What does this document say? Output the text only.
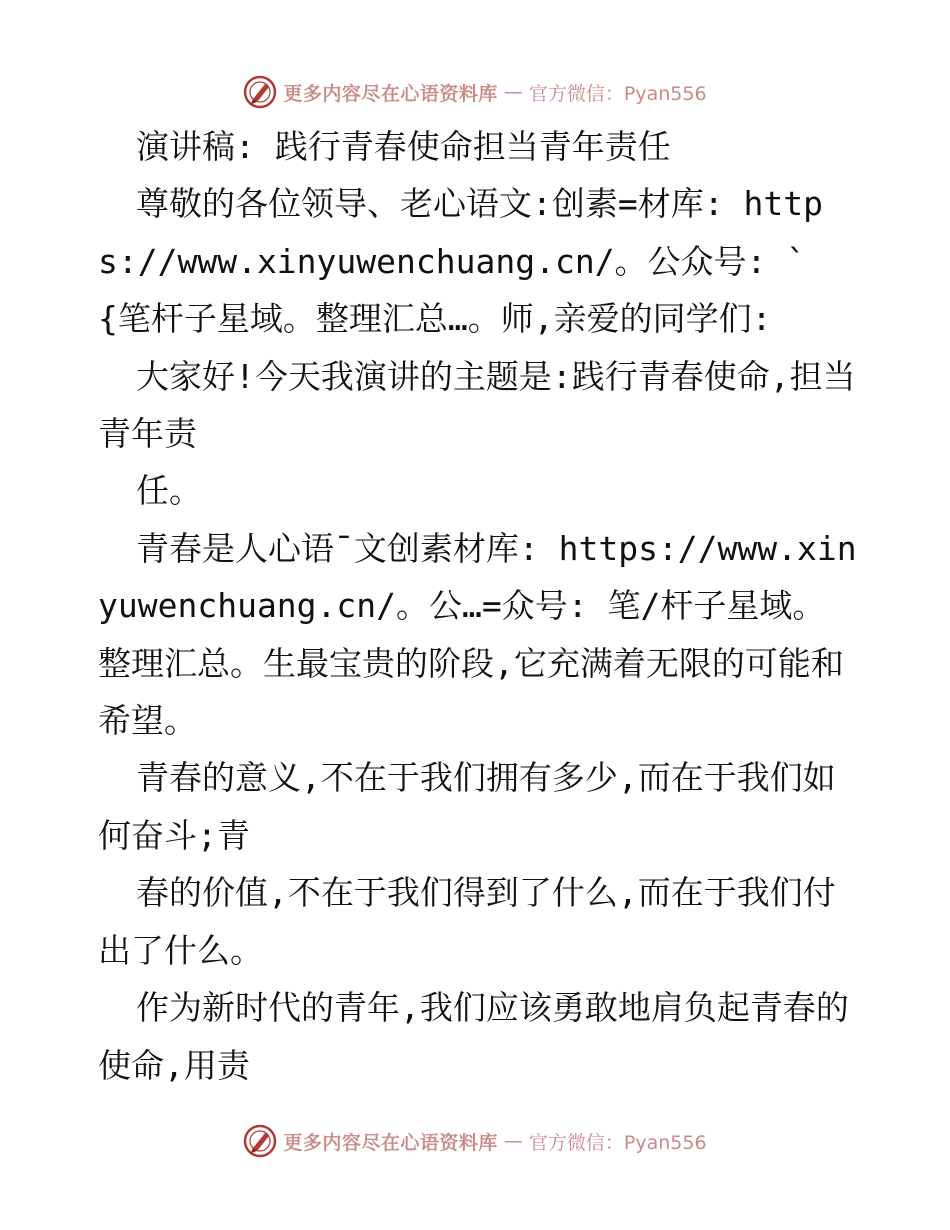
更多内容尽在心语资料库 — 官方微信：Pyan556

演讲稿: 践行青春使命担当青年责任

尊敬的各位领导、老心语文:创素=材库: https://www.xinyuwenchuang.cn/。公众号: `{笔杆子星域。整理汇总…。师,亲爱的同学们:

大家好!今天我演讲的主题是:践行青春使命,担当青年责

任。

青春是人心语¯文创素材库: https://www.xinyuwenchuang.cn/。公…=众号: 笔/杆子星域。整理汇总。生最宝贵的阶段,它充满着无限的可能和希望。

青春的意义,不在于我们拥有多少,而在于我们如何奋斗;青

春的价值,不在于我们得到了什么,而在于我们付出了什么。

作为新时代的青年,我们应该勇敢地肩负起青春的使命,用责

更多内容尽在心语资料库 — 官方微信：Pyan556
